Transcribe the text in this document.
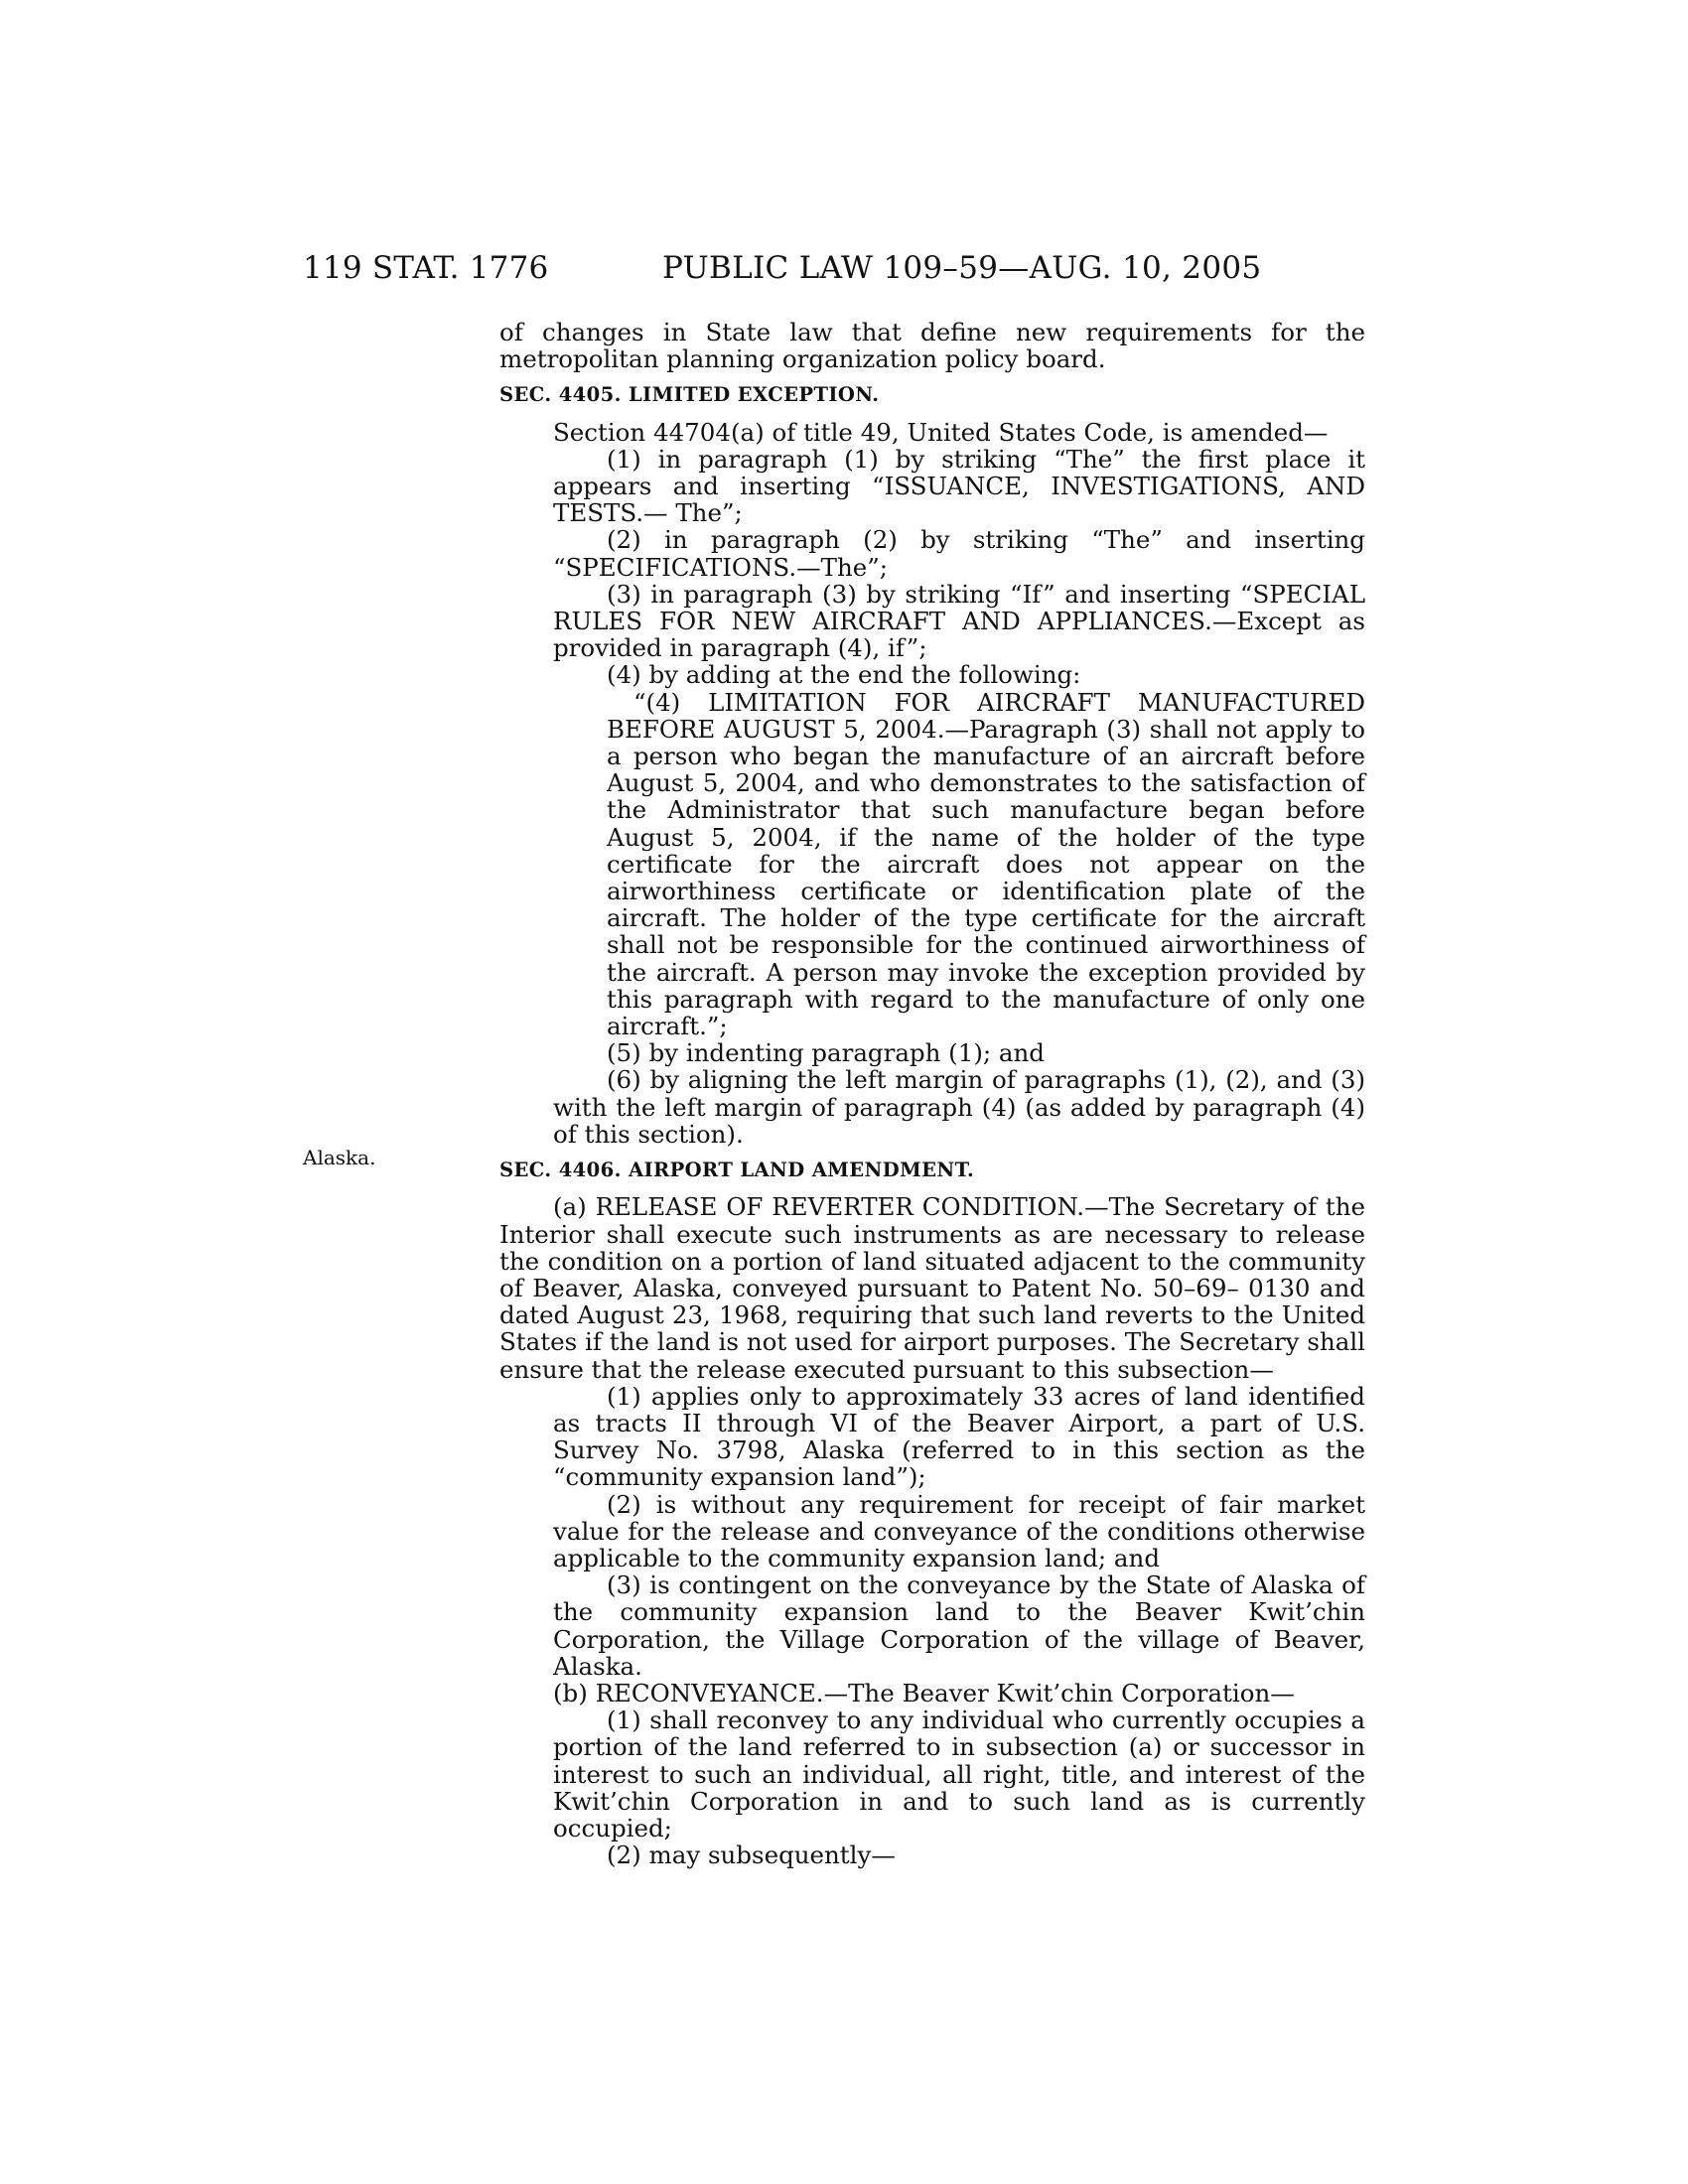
119 STAT. 1776	PUBLIC LAW 109–59—AUG. 10, 2005
Alaska.

of changes in State law that define new requirements for the metropolitan planning organization policy board.

SEC. 4405. LIMITED EXCEPTION.

Section 44704(a) of title 49, United States Code, is amended—

(1) in paragraph (1) by striking “The” the first place it appears and inserting “ISSUANCE, INVESTIGATIONS, AND TESTS.— The”;

(2) in paragraph (2) by striking “The” and inserting “SPECIFICATIONS.—The”;

(3) in paragraph (3) by striking “If” and inserting “SPECIAL RULES FOR NEW AIRCRAFT AND APPLIANCES.—Except as provided in paragraph (4), if”;

(4) by adding at the end the following:

“(4) LIMITATION FOR AIRCRAFT MANUFACTURED BEFORE AUGUST 5, 2004.—Paragraph (3) shall not apply to a person who began the manufacture of an aircraft before August 5, 2004, and who demonstrates to the satisfaction of the Administrator that such manufacture began before August 5, 2004, if the name of the holder of the type certificate for the aircraft does not appear on the airworthiness certificate or identification plate of the aircraft. The holder of the type certificate for the aircraft shall not be responsible for the continued airworthiness of the aircraft. A person may invoke the exception provided by this paragraph with regard to the manufacture of only one aircraft.”;

(5) by indenting paragraph (1); and

(6) by aligning the left margin of paragraphs (1), (2), and (3) with the left margin of paragraph (4) (as added by paragraph (4) of this section).

SEC. 4406. AIRPORT LAND AMENDMENT.

(a) RELEASE OF REVERTER CONDITION.—The Secretary of the Interior shall execute such instruments as are necessary to release the condition on a portion of land situated adjacent to the community of Beaver, Alaska, conveyed pursuant to Patent No. 50–69– 0130 and dated August 23, 1968, requiring that such land reverts to the United States if the land is not used for airport purposes. The Secretary shall ensure that the release executed pursuant to this subsection—

(1) applies only to approximately 33 acres of land identified as tracts II through VI of the Beaver Airport, a part of U.S. Survey No. 3798, Alaska (referred to in this section as the “community expansion land”);

(2) is without any requirement for receipt of fair market value for the release and conveyance of the conditions otherwise applicable to the community expansion land; and

(3) is contingent on the conveyance by the State of Alaska of the community expansion land to the Beaver Kwit’chin Corporation, the Village Corporation of the village of Beaver, Alaska.

(b) RECONVEYANCE.—The Beaver Kwit’chin Corporation—

(1) shall reconvey to any individual who currently occupies a portion of the land referred to in subsection (a) or successor in interest to such an individual, all right, title, and interest of the Kwit’chin Corporation in and to such land as is currently occupied;

(2) may subsequently—
